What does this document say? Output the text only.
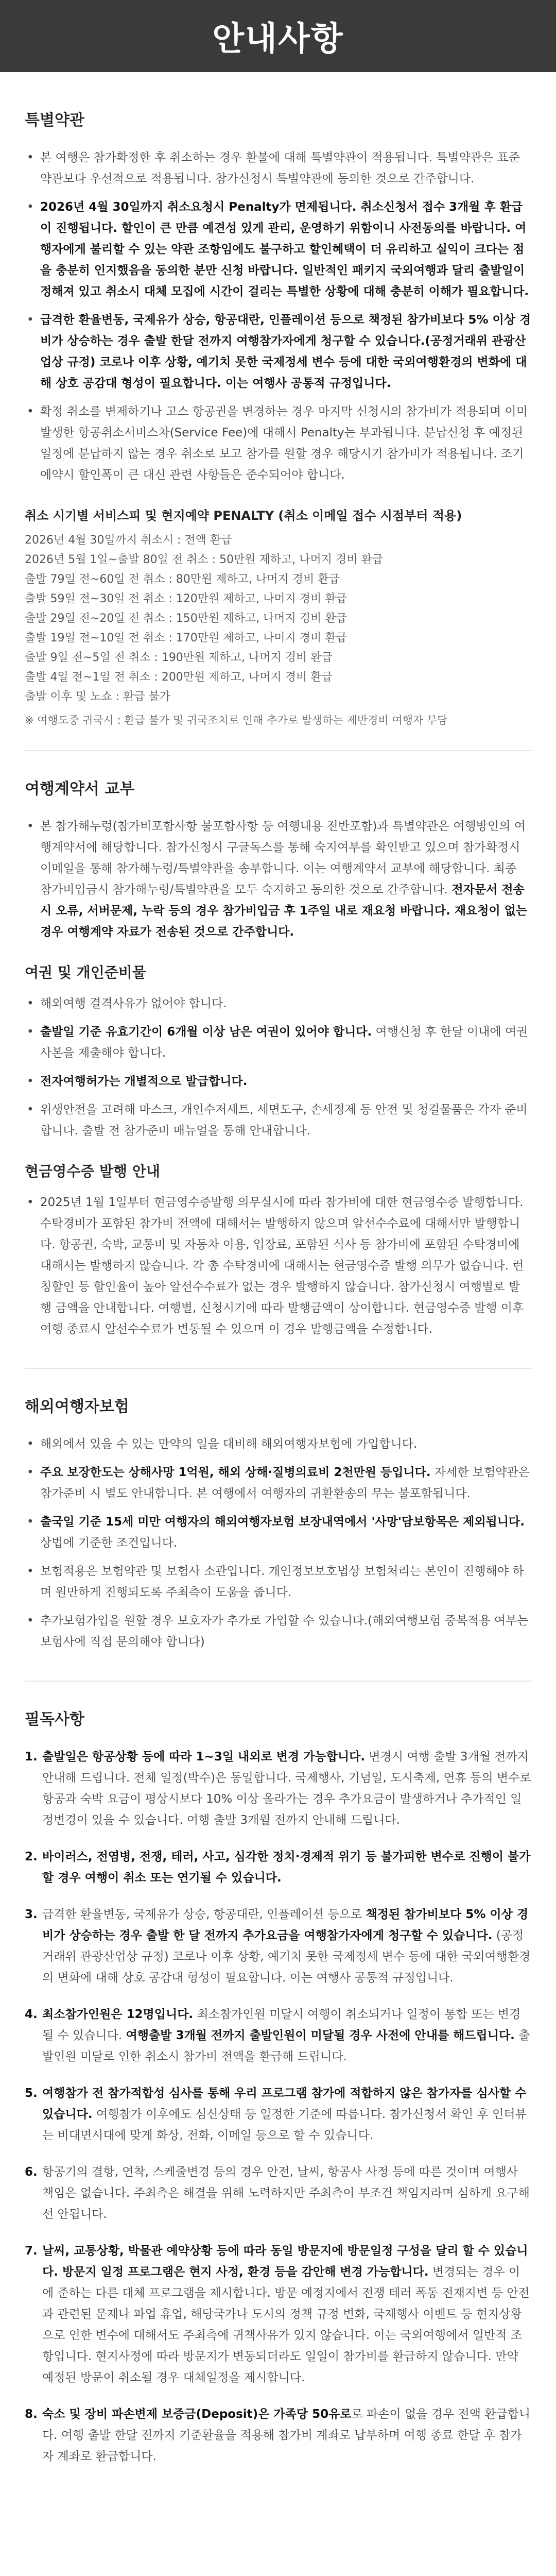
안내사항
특별약관
• 본 여행은 참가확정한 후 취소하는 경우 환불에 대해 특별약관이 적용됩니다. 특별약관은 표준약관보다 우선적으로 적용됩니다. 참가신청시 특별약관에 동의한 것으로 간주합니다.
• 2026년 4월 30일까지 취소요청시 Penalty가 면제됩니다. 취소신청서 접수 3개월 후 환급이 진행됩니다. 할인이 큰 만큼 예견성 있게 관리, 운영하기 위함이니 사전동의를 바랍니다. 여행자에게 불리할 수 있는 약관 조항임에도 불구하고 할인혜택이 더 유리하고 실익이 크다는 점을 충분히 인지했음을 동의한 분만 신청 바랍니다. 일반적인 패키지 국외여행과 달리 출발일이 정해져 있고 취소시 대체 모집에 시간이 걸리는 특별한 상황에 대해 충분히 이해가 필요합니다.
• 급격한 환율변동, 국제유가 상승, 항공대란, 인플레이션 등으로 책정된 참가비보다 5% 이상 경비가 상승하는 경우 출발 한달 전까지 여행참가자에게 청구할 수 있습니다.(공정거래위 관광산업상 규정) 코로나 이후 상황, 예기치 못한 국제정세 변수 등에 대한 국외여행환경의 변화에 대해 상호 공감대 형성이 필요합니다. 이는 여행사 공통적 규정입니다.
• 확정 취소를 변제하기나 고스 항공권을 변경하는 경우 마지막 신청시의 참가비가 적용되며 이미 발생한 항공취소서비스차(Service Fee)에 대해서 Penalty는 부과됩니다. 분납신청 후 예정된 일정에 분납하지 않는 경우 취소로 보고 참가를 원할 경우 해당시기 참가비가 적용됩니다. 조기예약시 할인폭이 큰 대신 관련 사항들은 준수되어야 합니다.
취소 시기별 서비스피 및 현지예약 PENALTY (취소 이메일 접수 시점부터 적용)
2026년 4월 30일까지 취소시 : 전액 환급
2026년 5월 1일~출발 80일 전 취소 : 50만원 제하고, 나머지 경비 환급
출발 79일 전~60일 전 취소 : 80만원 제하고, 나머지 경비 환급
출발 59일 전~30일 전 취소 : 120만원 제하고, 나머지 경비 환급
출발 29일 전~20일 전 취소 : 150만원 제하고, 나머지 경비 환급
출발 19일 전~10일 전 취소 : 170만원 제하고, 나머지 경비 환급
출발 9일 전~5일 전 취소 : 190만원 제하고, 나머지 경비 환급
출발 4일 전~1일 전 취소 : 200만원 제하고, 나머지 경비 환급
출발 이후 및 노쇼 : 환급 불가
※ 여행도중 귀국시 : 환급 불가 및 귀국조치로 인해 추가로 발생하는 제반경비 여행자 부담
여행계약서 교부
• 본 참가해누렁(참가비포함사항 불포함사항 등 여행내용 전반포함)과 특별약관은 여행방인의 여행계약서에 해당합니다. 참가신청시 구글독스를 통해 숙지여부를 확인받고 있으며 참가확정시 이메일을 통해 참가해누렁/특별약관을 송부합니다. 이는 여행계약서 교부에 해당합니다. 최종 참가비입금시 참가해누렁/특별약관을 모두 숙지하고 동의한 것으로 간주합니다. 전자문서 전송시 오류, 서버문제, 누락 등의 경우 참가비입금 후 1주일 내로 재요청 바랍니다. 재요청이 없는 경우 여행계약 자료가 전송된 것으로 간주합니다.
여권 및 개인준비물
• 해외여행 결격사유가 없어야 합니다.
• 출발일 기준 유효기간이 6개월 이상 남은 여권이 있어야 합니다. 여행신청 후 한달 이내에 여권사본을 제출해야 합니다.
• 전자여행허가는 개별적으로 발급합니다.
• 위생안전을 고려해 마스크, 개인수저세트, 세면도구, 손세정제 등 안전 및 청결물품은 각자 준비합니다. 출발 전 참가준비 매뉴얼을 통해 안내합니다.
현금영수증 발행 안내
• 2025년 1월 1일부터 현금영수증발행 의무실시에 따라 참가비에 대한 현금영수증 발행합니다. 수탁경비가 포함된 참가비 전액에 대해서는 발행하지 않으며 알선수수료에 대해서만 발행합니다. 항공권, 숙박, 교통비 및 자동차 이용, 입장료, 포함된 식사 등 참가비에 포함된 수탁경비에 대해서는 발행하지 않습니다. 각 총 수탁경비에 대해서는 현금영수증 발행 의무가 없습니다. 런칭할인 등 할인율이 높아 알선수수료가 없는 경우 발행하지 않습니다. 참가신청시 여행별로 발행 금액을 안내합니다. 여행별, 신청시기에 따라 발행금액이 상이합니다. 현금영수증 발행 이후 여행 종료시 알선수수료가 변동될 수 있으며 이 경우 발행금액을 수정합니다.
해외여행자보험
• 해외에서 있을 수 있는 만약의 일을 대비해 해외여행자보험에 가입합니다.
• 주요 보장한도는 상해사망 1억원, 해외 상해·질병의료비 2천만원 등입니다. 자세한 보험약관은 참가준비 시 별도 안내합니다. 본 여행에서 여행자의 귀환환송의 무는 불포함됩니다.
• 출국일 기준 15세 미만 여행자의 해외여행자보험 보장내역에서 '사망'담보항목은 제외됩니다. 상법에 기준한 조건입니다.
• 보험적용은 보험약관 및 보험사 소관입니다. 개인정보보호법상 보험처리는 본인이 진행해야 하며 원만하게 진행되도록 주최측이 도움을 줍니다.
• 추가보험가입을 원할 경우 보호자가 추가로 가입할 수 있습니다.(해외여행보험 중복적용 여부는 보험사에 직접 문의해야 합니다)
필독사항
1. 출발일은 항공상황 등에 따라 1~3일 내외로 변경 가능합니다. 변경시 여행 출발 3개월 전까지 안내해 드립니다. 전체 일정(박수)은 동일합니다. 국제행사, 기념일, 도시축제, 연휴 등의 변수로 항공과 숙박 요금이 평상시보다 10% 이상 올라가는 경우 추가요금이 발생하거나 추가적인 일정변경이 있을 수 있습니다. 여행 출발 3개월 전까지 안내해 드립니다.
2. 바이러스, 전염병, 전쟁, 테러, 사고, 심각한 정치·경제적 위기 등 불가피한 변수로 진행이 불가할 경우 여행이 취소 또는 연기될 수 있습니다.
3. 급격한 환율변동, 국제유가 상승, 항공대란, 인플레이션 등으로 책정된 참가비보다 5% 이상 경비가 상승하는 경우 출발 한 달 전까지 추가요금을 여행참가자에게 청구할 수 있습니다. (공정거래위 관광산업상 규정) 코로나 이후 상황, 예기치 못한 국제정세 변수 등에 대한 국외여행환경의 변화에 대해 상호 공감대 형성이 필요합니다. 이는 여행사 공통적 규정입니다.
4. 최소참가인원은 12명입니다. 최소참가인원 미달시 여행이 취소되거나 일정이 통합 또는 변경될 수 있습니다. 여행출발 3개월 전까지 출발인원이 미달될 경우 사전에 안내를 해드립니다. 출발인원 미달로 인한 취소시 참가비 전액을 환급해 드립니다.
5. 여행참가 전 참가적합성 심사를 통해 우리 프로그램 참가에 적합하지 않은 참가자를 심사할 수 있습니다. 여행참가 이후에도 심신상태 등 일정한 기준에 따릅니다. 참가신청서 확인 후 인터뷰는 비대면시대에 맞게 화상, 전화, 이메일 등으로 할 수 있습니다.
6. 항공기의 결항, 연착, 스케줄변경 등의 경우 안전, 날씨, 항공사 사정 등에 따른 것이며 여행사 책임은 없습니다. 주최측은 해결을 위해 노력하지만 주최측이 부조건 책임지라며 심하게 요구해선 안됩니다.
7. 날씨, 교통상황, 박물관 예약상황 등에 따라 동일 방문지에 방문일정 구성을 달리 할 수 있습니다. 방문지 일정 프로그램은 현지 사정, 환경 등을 감안해 변경 가능합니다. 변경되는 경우 이에 준하는 다른 대체 프로그램을 제시합니다. 방문 예정지에서 전쟁 테러 폭동 전재지변 등 안전과 관련된 문제나 파업 휴업, 해당국가나 도시의 정책 규정 변화, 국제행사 이벤트 등 현지상황으로 인한 변수에 대해서도 주최측에 귀책사유가 있지 않습니다. 이는 국외여행에서 일반적 조항입니다. 현지사정에 따라 방문지가 변동되더라도 일일이 참가비를 환급하지 않습니다. 만약 예정된 방문이 취소될 경우 대체일정을 제시합니다.
8. 숙소 및 장비 파손변제 보증금(Deposit)은 가족당 50유로로 파손이 없을 경우 전액 환급합니다. 여행 출발 한달 전까지 기준환율을 적용해 참가비 계좌로 납부하며 여행 종료 한달 후 참가자 계좌로 환급합니다.
